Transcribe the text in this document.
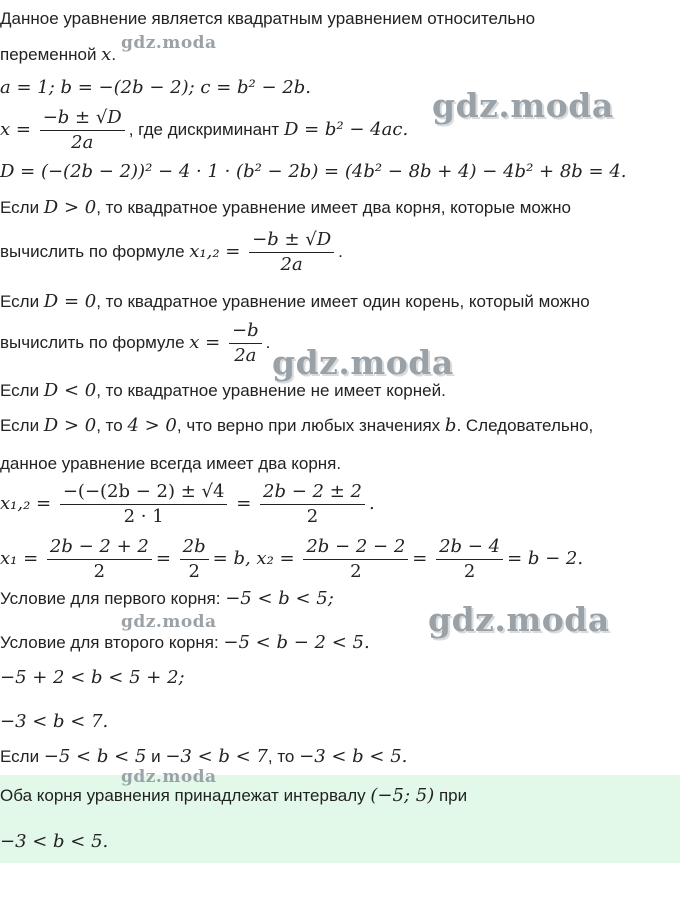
Данное уравнение является квадратным уравнением относительно
переменной x.
a = 1; b = −(2b − 2); c = b² − 2b.
$x = \frac{-b \pm √D}{2a}$ , где дискриминант D = b² − 4ac.
D = (−(2b − 2))² − 4 · 1 · (b² − 2b) = (4b² − 8b + 4) − 4b² + 8b = 4.
Если D > 0, то квадратное уравнение имеет два корня, которые можно
вычислить по формуле $x_1,_2 = \frac{-b \pm √D}{2a}$ .
Если D = 0, то квадратное уравнение имеет один корень, который можно
вычислить по формуле $x = \frac{-b}{2a}$ .
Если D < 0, то квадратное уравнение не имеет корней.
Если D > 0, то 4 > 0, что верно при любых значениях b. Следовательно,
данное уравнение всегда имеет два корня.
$x_1,_2 = \frac{-(-(2b - 2) \pm √4}{2 \cdot 1} = \frac{2b - 2 \pm 2}{2}$ .
$x_1 = \frac{2b - 2 + 2}{2} = \frac{2b}{2} = b$, $x_2 = \frac{2b - 2 - 2}{2} = \frac{2b - 4}{2} = b - 2$.
Условие для первого корня: −5 < b < 5;
Условие для второго корня: −5 < b − 2 < 5.
−5 + 2 < b < 5 + 2;
−3 < b < 7.
Если −5 < b < 5 и −3 < b < 7, то −3 < b < 5.
Оба корня уравнения принадлежат интервалу (−5; 5) при
−3 < b < 5.
gdz.moda
gdz.moda
gdz.moda
gdz.moda
gdz.moda
gdz.moda
